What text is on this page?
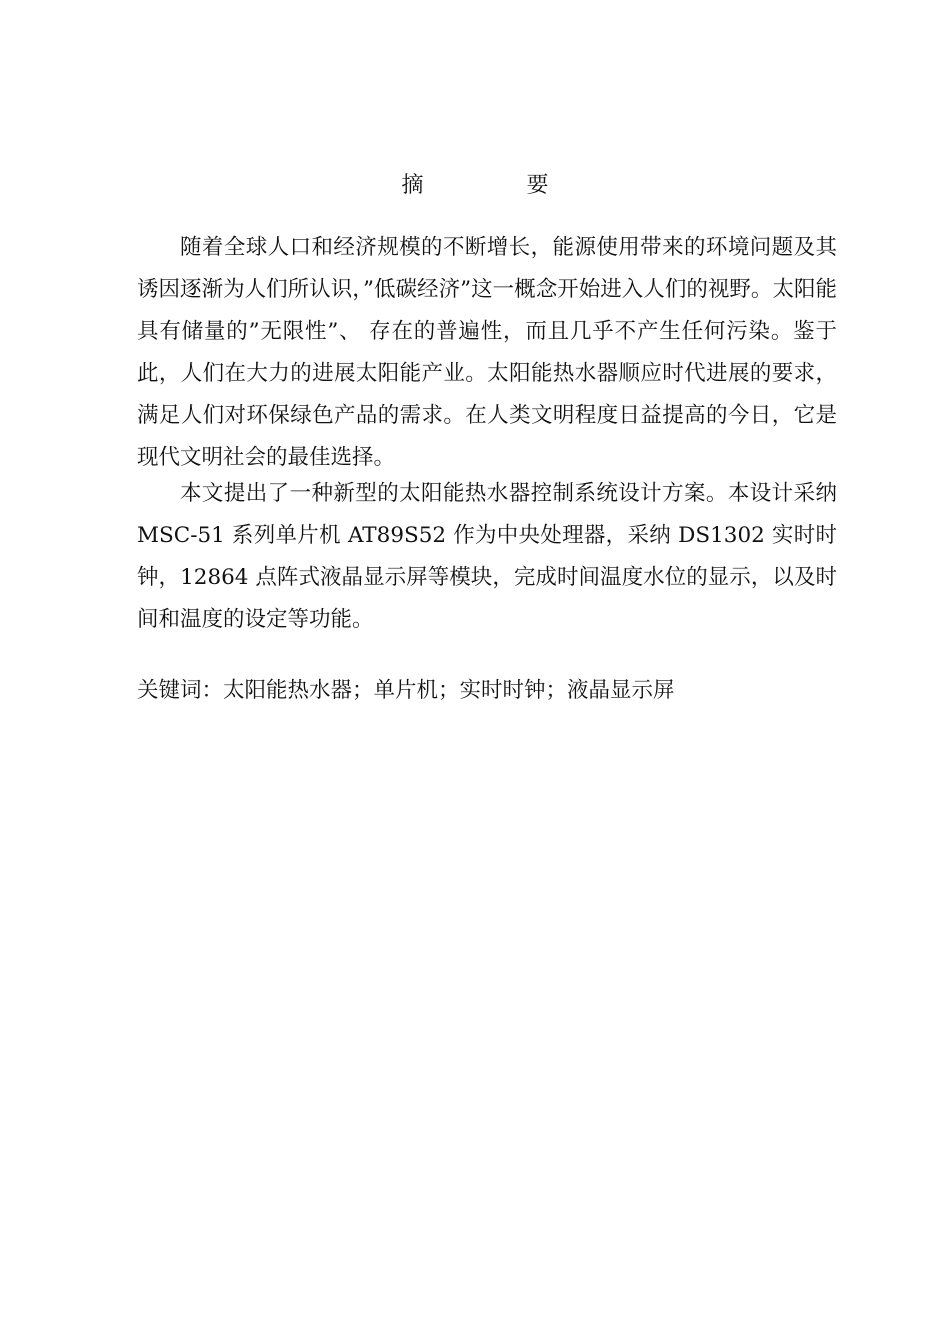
摘 要

随着全球人口和经济规模的不断增长，能源使用带来的环境问题及其诱因逐渐为人们所认识，”低碳经济”这一概念开始进入人们的视野。太阳能具有储量的”无限性”、 存在的普遍性，而且几乎不产生任何污染。鉴于此，人们在大力的进展太阳能产业。太阳能热水器顺应时代进展的要求，满足人们对环保绿色产品的需求。在人类文明程度日益提高的今日，它是现代文明社会的最佳选择。

本文提出了一种新型的太阳能热水器控制系统设计方案。本设计采纳 MSC-51 系列单片机 AT89S52 作为中央处理器，采纳 DS1302 实时时钟，12864 点阵式液晶显示屏等模块，完成时间温度水位的显示，以及时间和温度的设定等功能。

关键词：太阳能热水器；单片机；实时时钟；液晶显示屏
